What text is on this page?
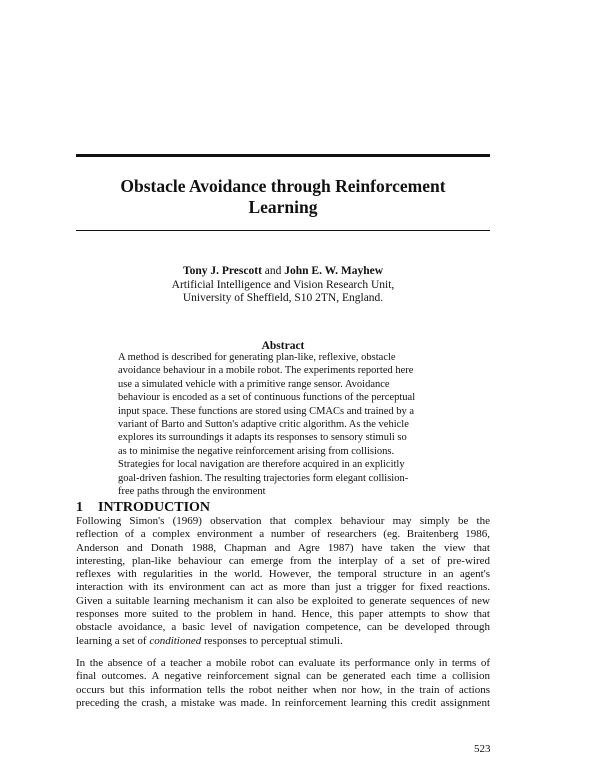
Obstacle Avoidance through Reinforcement
Learning
Tony J. Prescott and John E. W. Mayhew
Artificial Intelligence and Vision Research Unit,
University of Sheffield, S10 2TN, England.
Abstract
A method is described for generating plan-like, reflexive, obstacle
avoidance behaviour in a mobile robot. The experiments reported here
use a simulated vehicle with a primitive range sensor. Avoidance
behaviour is encoded as a set of continuous functions of the perceptual
input space. These functions are stored using CMACs and trained by a
variant of Barto and Sutton's adaptive critic algorithm. As the vehicle
explores its surroundings it adapts its responses to sensory stimuli so
as to minimise the negative reinforcement arising from collisions.
Strategies for local navigation are therefore acquired in an explicitly
goal-driven fashion. The resulting trajectories form elegant collision-
free paths through the environment
1 INTRODUCTION
Following Simon's (1969) observation that complex behaviour may simply be the
reflection of a complex environment a number of researchers (eg. Braitenberg 1986,
Anderson and Donath 1988, Chapman and Agre 1987) have taken the view that
interesting, plan-like behaviour can emerge from the interplay of a set of pre-wired
reflexes with regularities in the world. However, the temporal structure in an agent's
interaction with its environment can act as more than just a trigger for fixed reactions.
Given a suitable learning mechanism it can also be exploited to generate sequences of new
responses more suited to the problem in hand. Hence, this paper attempts to show that
obstacle avoidance, a basic level of navigation competence, can be developed through
learning a set of conditioned responses to perceptual stimuli.
In the absence of a teacher a mobile robot can evaluate its performance only in terms of
final outcomes. A negative reinforcement signal can be generated each time a collision
occurs but this information tells the robot neither when nor how, in the train of actions
preceding the crash, a mistake was made. In reinforcement learning this credit assignment
523
